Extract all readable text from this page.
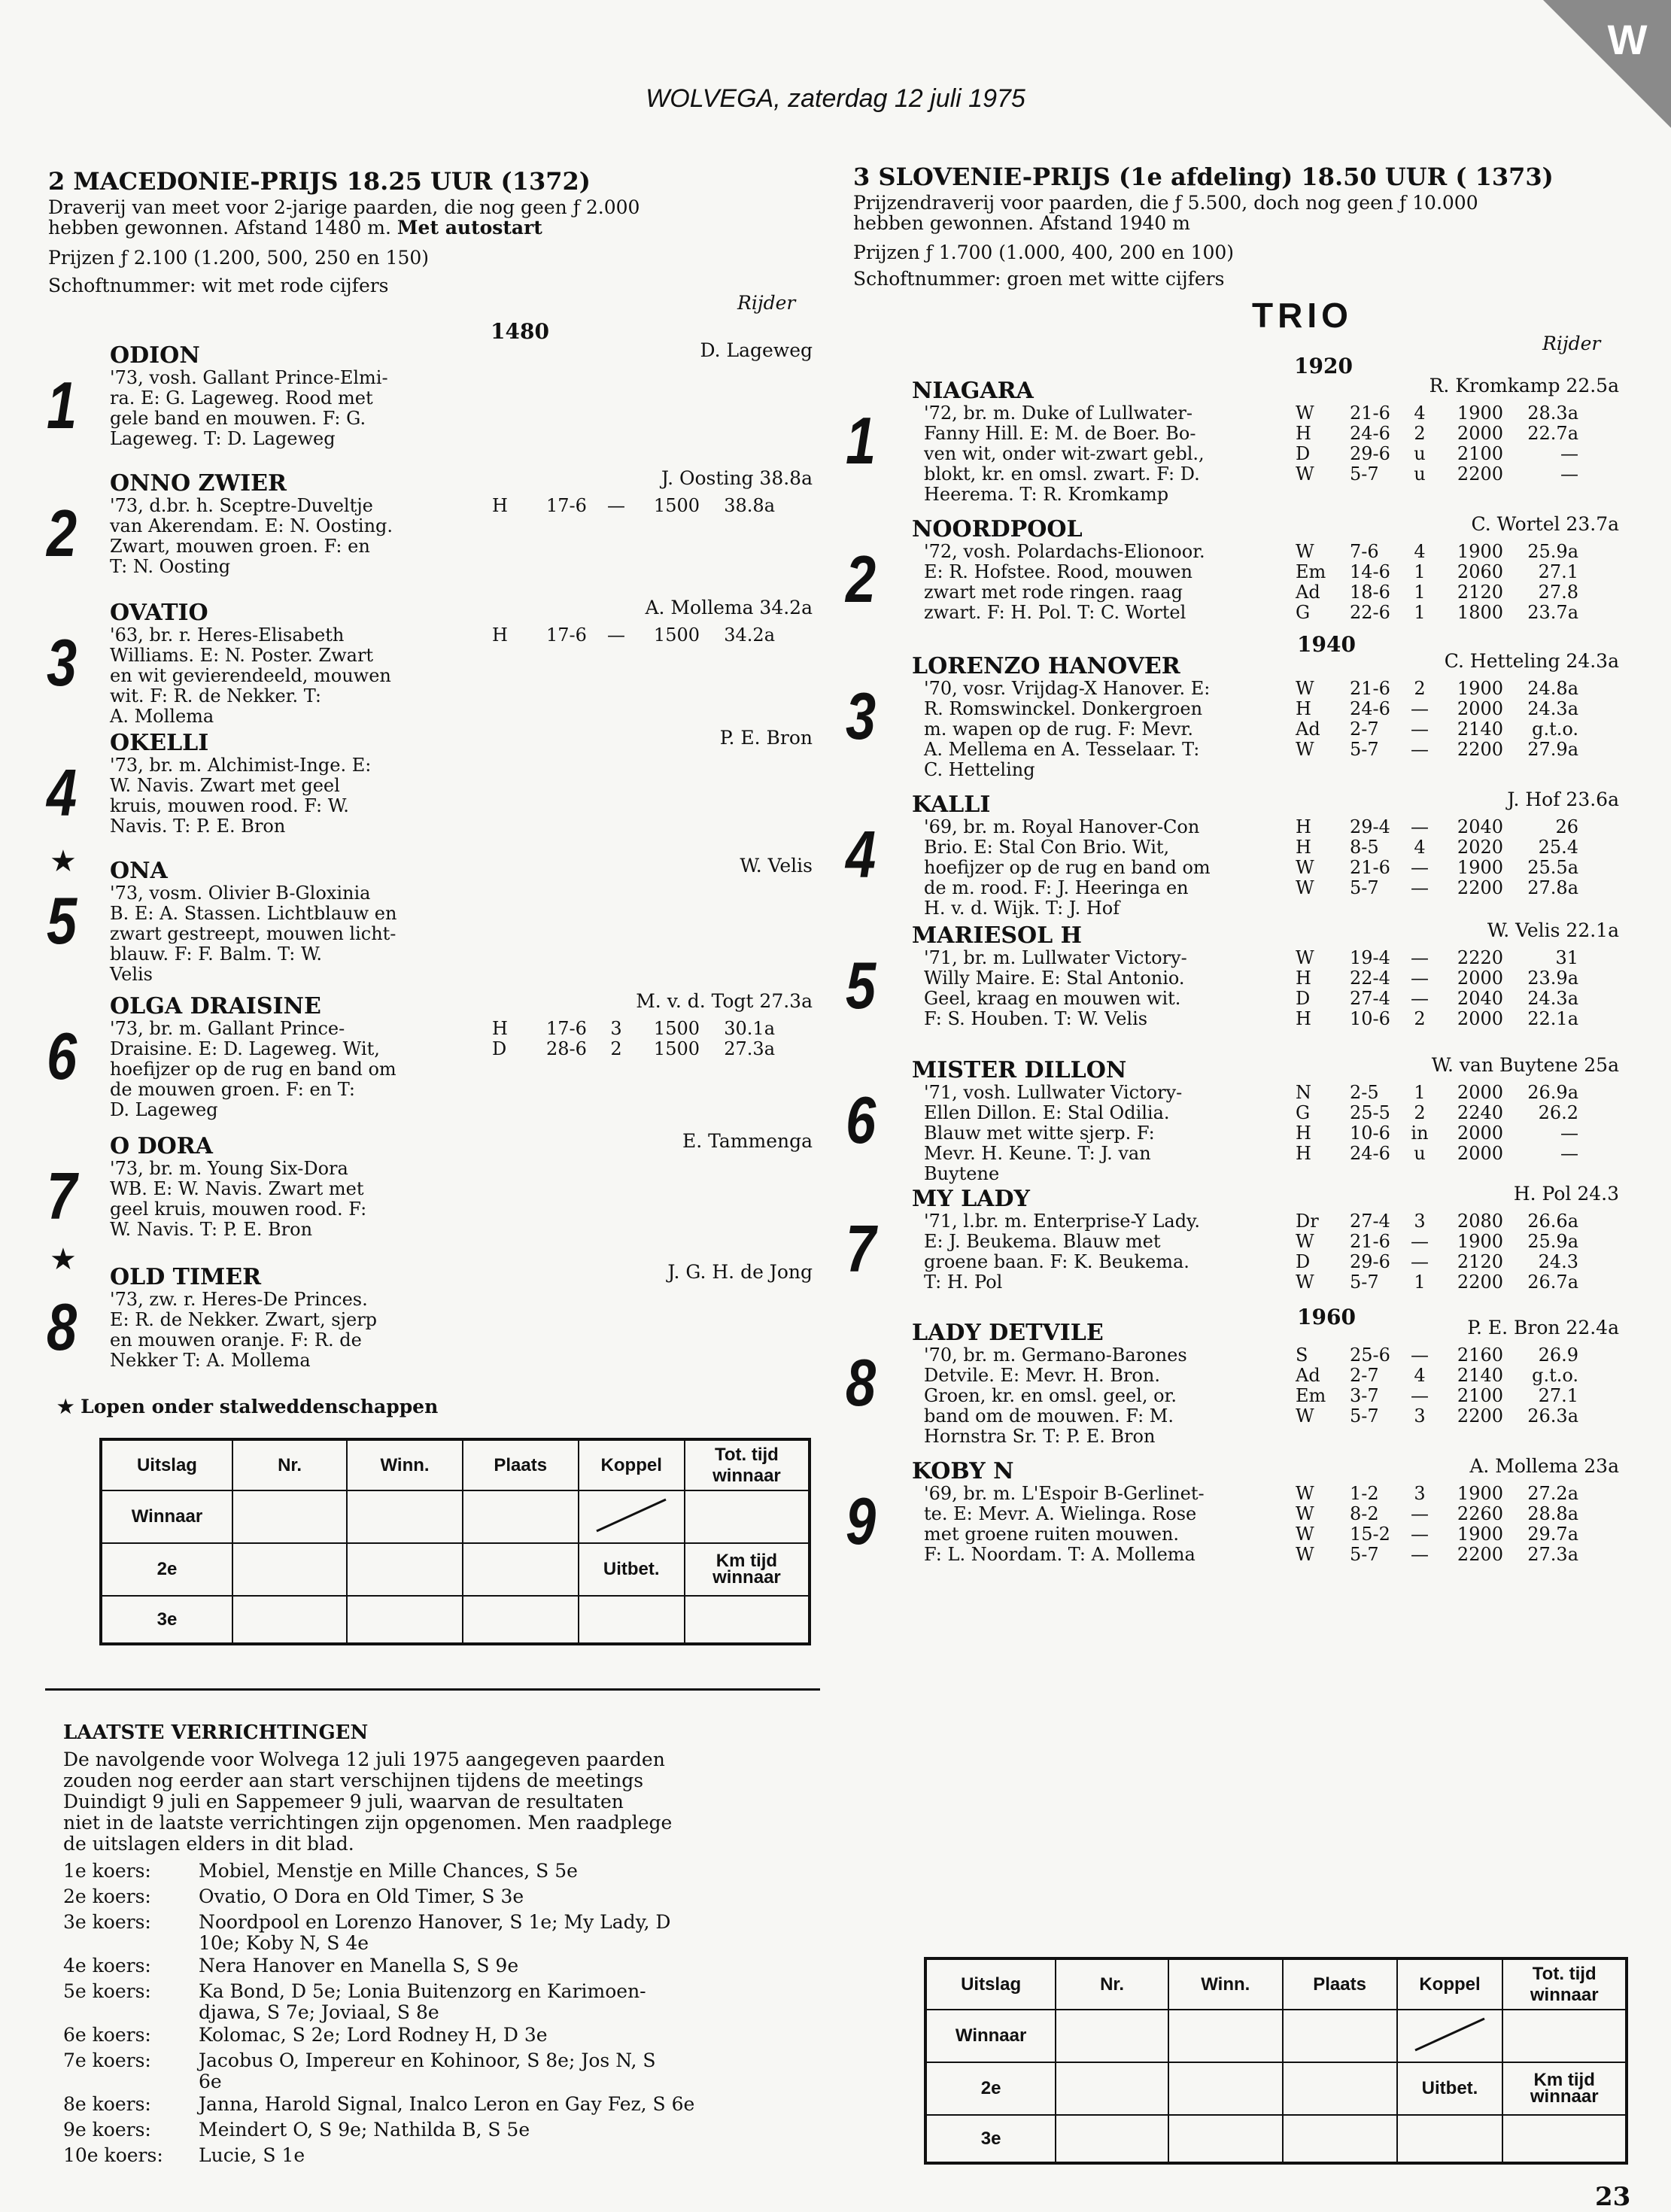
WOLVEGA, zaterdag 12 juli 1975
W
2 MACEDONIE-PRIJS 18.25 UUR (1372)
Draverij van meet voor 2-jarige paarden, die nog geen ƒ 2.000
hebben gewonnen. Afstand 1480 m. Met autostart
Prijzen ƒ 2.100 (1.200, 500, 250 en 150)
Schoftnummer: wit met rode cijfers
Rijder
1480
1
ODION	D. Lageweg
'73, vosh. Gallant Prince-Elmi-
ra. E: G. Lageweg. Rood met
gele band en mouwen. F: G.
Lageweg. T: D. Lageweg
2
ONNO ZWIER	J. Oosting 38.8a
'73, d.br. h. Sceptre-Duveltje
van Akerendam. E: N. Oosting.
Zwart, mouwen groen. F: en
T: N. Oosting
H 17-6 — 1500 38.8a
3
OVATIO	A. Mollema 34.2a
'63, br. r. Heres-Elisabeth
Williams. E: N. Poster. Zwart
en wit gevierendeeld, mouwen
wit. F: R. de Nekker. T:
A. Mollema
H 17-6 — 1500 34.2a
4
OKELLI	P. E. Bron
'73, br. m. Alchimist-Inge. E:
W. Navis. Zwart met geel
kruis, mouwen rood. F: W.
Navis. T: P. E. Bron
★
5
ONA	W. Velis
'73, vosm. Olivier B-Gloxinia
B. E: A. Stassen. Lichtblauw en
zwart gestreept, mouwen licht-
blauw. F: F. Balm. T: W.
Velis
6
OLGA DRAISINE	M. v. d. Togt 27.3a
'73, br. m. Gallant Prince-
Draisine. E: D. Lageweg. Wit,
hoefijzer op de rug en band om
de mouwen groen. F: en T:
D. Lageweg
H 17-6 3 1500 30.1a
D 28-6 2 1500 27.3a
7
O DORA	E. Tammenga
'73, br. m. Young Six-Dora
WB. E: W. Navis. Zwart met
geel kruis, mouwen rood. F:
W. Navis. T: P. E. Bron
★
8
OLD TIMER	J. G. H. de Jong
'73, zw. r. Heres-De Princes.
E: R. de Nekker. Zwart, sjerp
en mouwen oranje. F: R. de
Nekker T: A. Mollema
★ Lopen onder stalweddenschappen
Uitslag	Nr.	Winn.	Plaats	Koppel	Tot. tijd winnaar
Winnaar					
2e				Uitbet.	Km tijd winnaar
3e					
LAATSTE VERRICHTINGEN
De navolgende voor Wolvega 12 juli 1975 aangegeven paarden
zouden nog eerder aan start verschijnen tijdens de meetings
Duindigt 9 juli en Sappemeer 9 juli, waarvan de resultaten
niet in de laatste verrichtingen zijn opgenomen. Men raadplege
de uitslagen elders in dit blad.
1e koers:	Mobiel, Menstje en Mille Chances, S 5e
2e koers:	Ovatio, O Dora en Old Timer, S 3e
3e koers:	Noordpool en Lorenzo Hanover, S 1e; My Lady, D
10e; Koby N, S 4e
4e koers:	Nera Hanover en Manella S, S 9e
5e koers:	Ka Bond, D 5e; Lonia Buitenzorg en Karimoen-
djawa, S 7e; Joviaal, S 8e
6e koers:	Kolomac, S 2e; Lord Rodney H, D 3e
7e koers:	Jacobus O, Impereur en Kohinoor, S 8e; Jos N, S
6e
8e koers:	Janna, Harold Signal, Inalco Leron en Gay Fez, S 6e
9e koers:	Meindert O, S 9e; Nathilda B, S 5e
10e koers: Lucie, S 1e
3 SLOVENIE-PRIJS (1e afdeling) 18.50 UUR ( 1373)
Prijzendraverij voor paarden, die ƒ 5.500, doch nog geen ƒ 10.000
hebben gewonnen. Afstand 1940 m
Prijzen ƒ 1.700 (1.000, 400, 200 en 100)
Schoftnummer: groen met witte cijfers
TRIO
Rijder
1920
1940
1960
1
NIAGARA	R. Kromkamp 22.5a
'72, br. m. Duke of Lullwater-
Fanny Hill. E: M. de Boer. Bo-
ven wit, onder wit-zwart gebl.,
blokt, kr. en omsl. zwart. F: D.
Heerema. T: R. Kromkamp
W 21-6 4 1900 28.3a
H 24-6 2 2000 22.7a
D 29-6 u 2100	—
W 5-7 u 2200	—
2
NOORDPOOL	C. Wortel 23.7a
'72, vosh. Polardachs-Elionoor.
E: R. Hofstee. Rood, mouwen
zwart met rode ringen. raag
zwart. F: H. Pol. T: C. Wortel
W 7-6 4 1900 25.9a
Em 14-6 1 2060 27.1
Ad 18-6 1 2120 27.8
G 22-6 1 1800 23.7a
3
LORENZO HANOVER	C. Hetteling 24.3a
'70, vosr. Vrijdag-X Hanover. E:
R. Romswinckel. Donkergroen
m. wapen op de rug. F: Mevr.
A. Mellema en A. Tesselaar. T:
C. Hetteling
W 21-6 2 1900 24.8a
H 24-6 — 2000 24.3a
Ad 2-7 — 2140 g.t.o.
W 5-7 — 2200 27.9a
4
KALLI	J. Hof 23.6a
'69, br. m. Royal Hanover-Con
Brio. E: Stal Con Brio. Wit,
hoefijzer op de rug en band om
de m. rood. F: J. Heeringa en
H. v. d. Wijk. T: J. Hof
H 29-4 — 2040	26
H 8-5 4 2020 25.4
W 21-6 — 1900 25.5a
W 5-7 — 2200 27.8a
5
MARIESOL H	W. Velis 22.1a
'71, br. m. Lullwater Victory-
Willy Maire. E: Stal Antonio.
Geel, kraag en mouwen wit.
F: S. Houben. T: W. Velis
W 19-4 — 2220	31
H 22-4 — 2000 23.9a
D 27-4 — 2040 24.3a
H 10-6 2 2000 22.1a
6
MISTER DILLON	W. van Buytene 25a
'71, vosh. Lullwater Victory-
Ellen Dillon. E: Stal Odilia.
Blauw met witte sjerp. F:
Mevr. H. Keune. T: J. van
Buytene
N 2-5 1 2000 26.9a
G 25-5 2 2240 26.2
H 10-6 in 2000	—
H 24-6 u 2000	—
7
MY LADY	H. Pol 24.3
'71, l.br. m. Enterprise-Y Lady.
E: J. Beukema. Blauw met
groene baan. F: K. Beukema.
T: H. Pol
Dr 27-4 3 2080 26.6a
W 21-6 — 1900 25.9a
D 29-6 — 2120 24.3
W 5-7 1 2200 26.7a
8
LADY DETVILE	P. E. Bron 22.4a
'70, br. m. Germano-Barones
Detvile. E: Mevr. H. Bron.
Groen, kr. en omsl. geel, or.
band om de mouwen. F: M.
Hornstra Sr. T: P. E. Bron
S 25-6 — 2160 26.9
Ad 2-7 4 2140 g.t.o.
Em 3-7 — 2100 27.1
W 5-7 3 2200 26.3a
9
KOBY N	A. Mollema 23a
'69, br. m. L'Espoir B-Gerlinet-
te. E: Mevr. A. Wielinga. Rose
met groene ruiten mouwen.
F: L. Noordam. T: A. Mollema
W 1-2 3 1900 27.2a
W 8-2 — 2260 28.8a
W 15-2 — 1900 29.7a
W 5-7 — 2200 27.3a
Uitslag	Nr.	Winn.	Plaats	Koppel	Tot. tijd winnaar
Winnaar					
2e				Uitbet.	Km tijd winnaar
3e					
23
